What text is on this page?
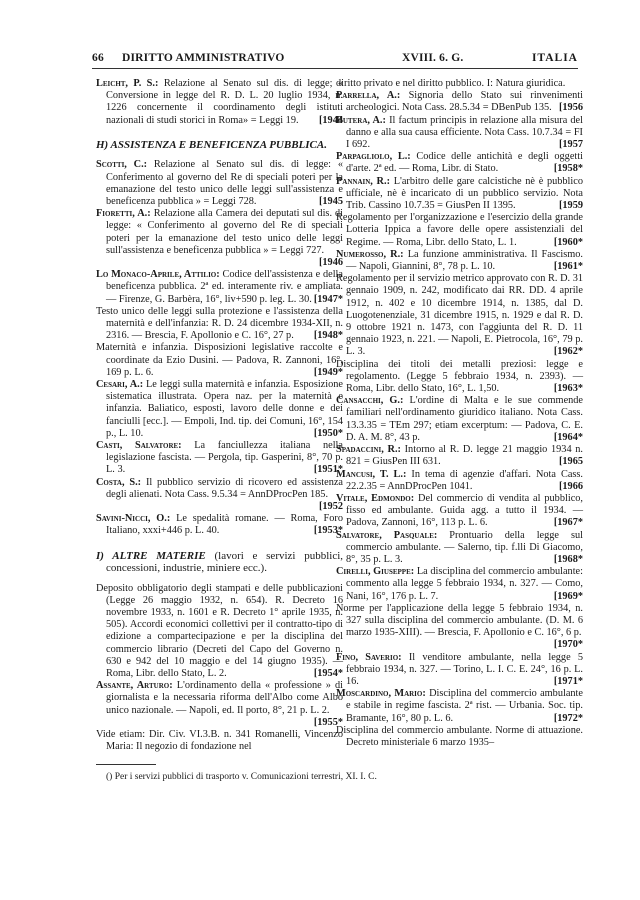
66 DIRITTO AMMINISTRATIVO	XVIII. 6. G.	ITALIA
Leicht, P. S.: Relazione al Senato sul dis. di legge; « Conversione in legge del R. D. L. 20 luglio 1934, n. 1226 concernente il coordinamento degli istituti nazionali di studi storici in Roma» = Leggi 19. [1944
H) ASSISTENZA E BENEFICENZA PUBBLICA.
Scotti, C.: Relazione al Senato sul dis. di legge: « Conferimento al governo del Re di speciali poteri per la emanazione del testo unico delle leggi sull'assistenza e beneficenza pubblica » = Leggi 728.	[1945
Fioretti, A.: Relazione alla Camera dei deputati sul dis. di legge: « Conferimento al governo del Re di speciali poteri per la emanazione del testo unico delle leggi sull'assistenza e beneficenza pubblica » = Leggi 727.
[1946
Lo Monaco-Aprile, Attilio: Codice dell'assistenza e della beneficenza pubblica. 2ª ed. interamente riv. e ampliata. — Firenze, G. Barbèra, 16°, liv+590 p. leg. L. 30. [1947*
Testo unico delle leggi sulla protezione e l'assistenza della maternità e dell'infanzia: R. D. 24 dicembre 1934-XII, n. 2316. — Brescia, F. Apollonio e C. 16°, 27 p. [1948*
Maternità e infanzia. Disposizioni legislative raccolte e coordinate da Ezio Dusini. — Padova, R. Zannoni, 16°, 169 p. L. 6.	[1949*
Cesari, A.: Le leggi sulla maternità e infanzia. Esposizione sistematica illustrata. Opera naz. per la maternità e infanzia. Baliatico, esposti, lavoro delle donne e dei fanciulli [ecc.]. — Empoli, Ind. tip. dei Comuni, 16°, 154 p., L. 10.	[1950*
Casti, Salvatore: La fanciullezza italiana nella legislazione fascista. — Pergola, tip. Gasperini, 8°, 70 p. L. 3.	[1951*
Costa, S.: Il pubblico servizio di ricovero ed assistenza degli alienati. Nota Cass. 9.5.34 = AnnDProcPen 185.
[1952
Savini-Nicci, O.: Le spedalità romane. — Roma, Foro Italiano, xxxi+446 p. L. 40.	[1953*
I) ALTRE MATERIE (lavori e servizi pubblici, concessioni, industrie, miniere ecc.).
Deposito obbligatorio degli stampati e delle pubblicazioni (Legge 26 maggio 1932, n. 654). R. Decreto 16 novembre 1933, n. 1601 e R. Decreto 1° aprile 1935, n. 505). Accordi economici collettivi per il contratto-tipo di edizione a compartecipazione e per la disciplina del commercio librario (Decreti del Capo del Governo n. 630 e 942 del 10 maggio e del 14 giugno 1935). — Roma, Libr. dello Stato, L. 2.	[1954*
Assante, Arturo: L'ordinamento della « professione » di giornalista e la necessaria riforma dell'Albo come Albo unico nazionale. — Napoli, ed. Il porto, 8°, 21 p. L. 2.
[1955*
Vide etiam: Dir. Civ. VI.3.B. n. 341 Romanelli, Vincenzo Maria: Il negozio di fondazione nel
diritto privato e nel diritto pubblico. I: Natura giuridica.
Parrella, A.: Signoria dello Stato sui rinvenimenti archeologici. Nota Cass. 28.5.34 = DBenPub 135. [1956
Butera, A.: Il factum principis in relazione alla misura del danno e alla sua causa efficiente. Nota Cass. 10.7.34 = FI I 692.	[1957
Parpagliolo, L.: Codice delle antichità e degli oggetti d'arte. 2ª ed. — Roma, Libr. di Stato.	[1958*
Pannain, R.: L'arbitro delle gare calcistiche nè è pubblico ufficiale, nè è incaricato di un pubblico servizio. Nota Trib. Cassino 10.7.35 = GiusPen II 1395.	[1959
Regolamento per l'organizzazione e l'esercizio della grande Lotteria Ippica a favore delle opere assistenziali del Regime. — Roma, Libr. dello Stato, L. 1.	[1960*
Numerosso, R.: La funzione amministrativa. Il Fascismo. — Napoli, Giannini, 8°, 78 p. L. 10.	[1961*
Regolamento per il servizio metrico approvato con R. D. 31 gennaio 1909, n. 242, modificato dai RR. DD. 4 aprile 1912, n. 402 e 10 dicembre 1914, n. 1385, dal D. Luogotenenziale, 31 dicembre 1915, n. 1929 e dal R. D. 9 ottobre 1921 n. 1473, con l'aggiunta del R. D. 11 gennaio 1923, n. 221. — Napoli, E. Pietrocola, 16°, 79 p. L. 3.	[1962*
Disciplina dei titoli dei metalli preziosi: legge e regolamento. (Legge 5 febbraio 1934, n. 2393). — Roma, Libr. dello Stato, 16°, L. 1,50.	[1963*
Cansacchi, G.: L'ordine di Malta e le sue commende familiari nell'ordinamento giuridico italiano. Nota Cass. 13.3.35 = TEm 297; etiam excerptum: — Padova, C. E. D. A. M. 8°, 43 p.	[1964*
Spadaccini, R.: Intorno al R. D. legge 21 maggio 1934 n. 821 = GiusPen III 631.	[1965
Mancusi, T. L.: In tema di agenzie d'affari. Nota Cass. 22.2.35 = AnnDProcPen 1041.	[1966
Vitale, Edmondo: Del commercio di vendita al pubblico, fisso ed ambulante. Guida agg. a tutto il 1934. — Padova, Zannoni, 16°, 113 p. L. 6.	[1967*
Salvatore, Pasquale: Prontuario della legge sul commercio ambulante. — Salerno, tip. f.lli Di Giacomo, 8°, 35 p. L. 3.	[1968*
Cirelli, Giuseppe: La disciplina del commercio ambulante: commento alla legge 5 febbraio 1934, n. 327. — Como, Nani, 16°, 176 p. L. 7.	[1969*
Norme per l'applicazione della legge 5 febbraio 1934, n. 327 sulla disciplina del commercio ambulante. (D. M. 6 marzo 1935-XIII). — Brescia, F. Apollonio e C. 16°, 6 p.
[1970*
Fino, Saverio: Il venditore ambulante, nella legge 5 febbraio 1934, n. 327. — Torino, L. I. C. E. 24°, 16 p. L. 16.	[1971*
Moscardino, Mario: Disciplina del commercio ambulante e stabile in regime fascista. 2ª rist. — Urbania. Soc. tip. Bramante, 16°, 80 p. L. 6.	[1972*
Disciplina del commercio ambulante. Norme di attuazione. Decreto ministeriale 6 marzo 1935–
() Per i servizi pubblici di trasporto v. Comunicazioni terrestri, XI. I. C.
